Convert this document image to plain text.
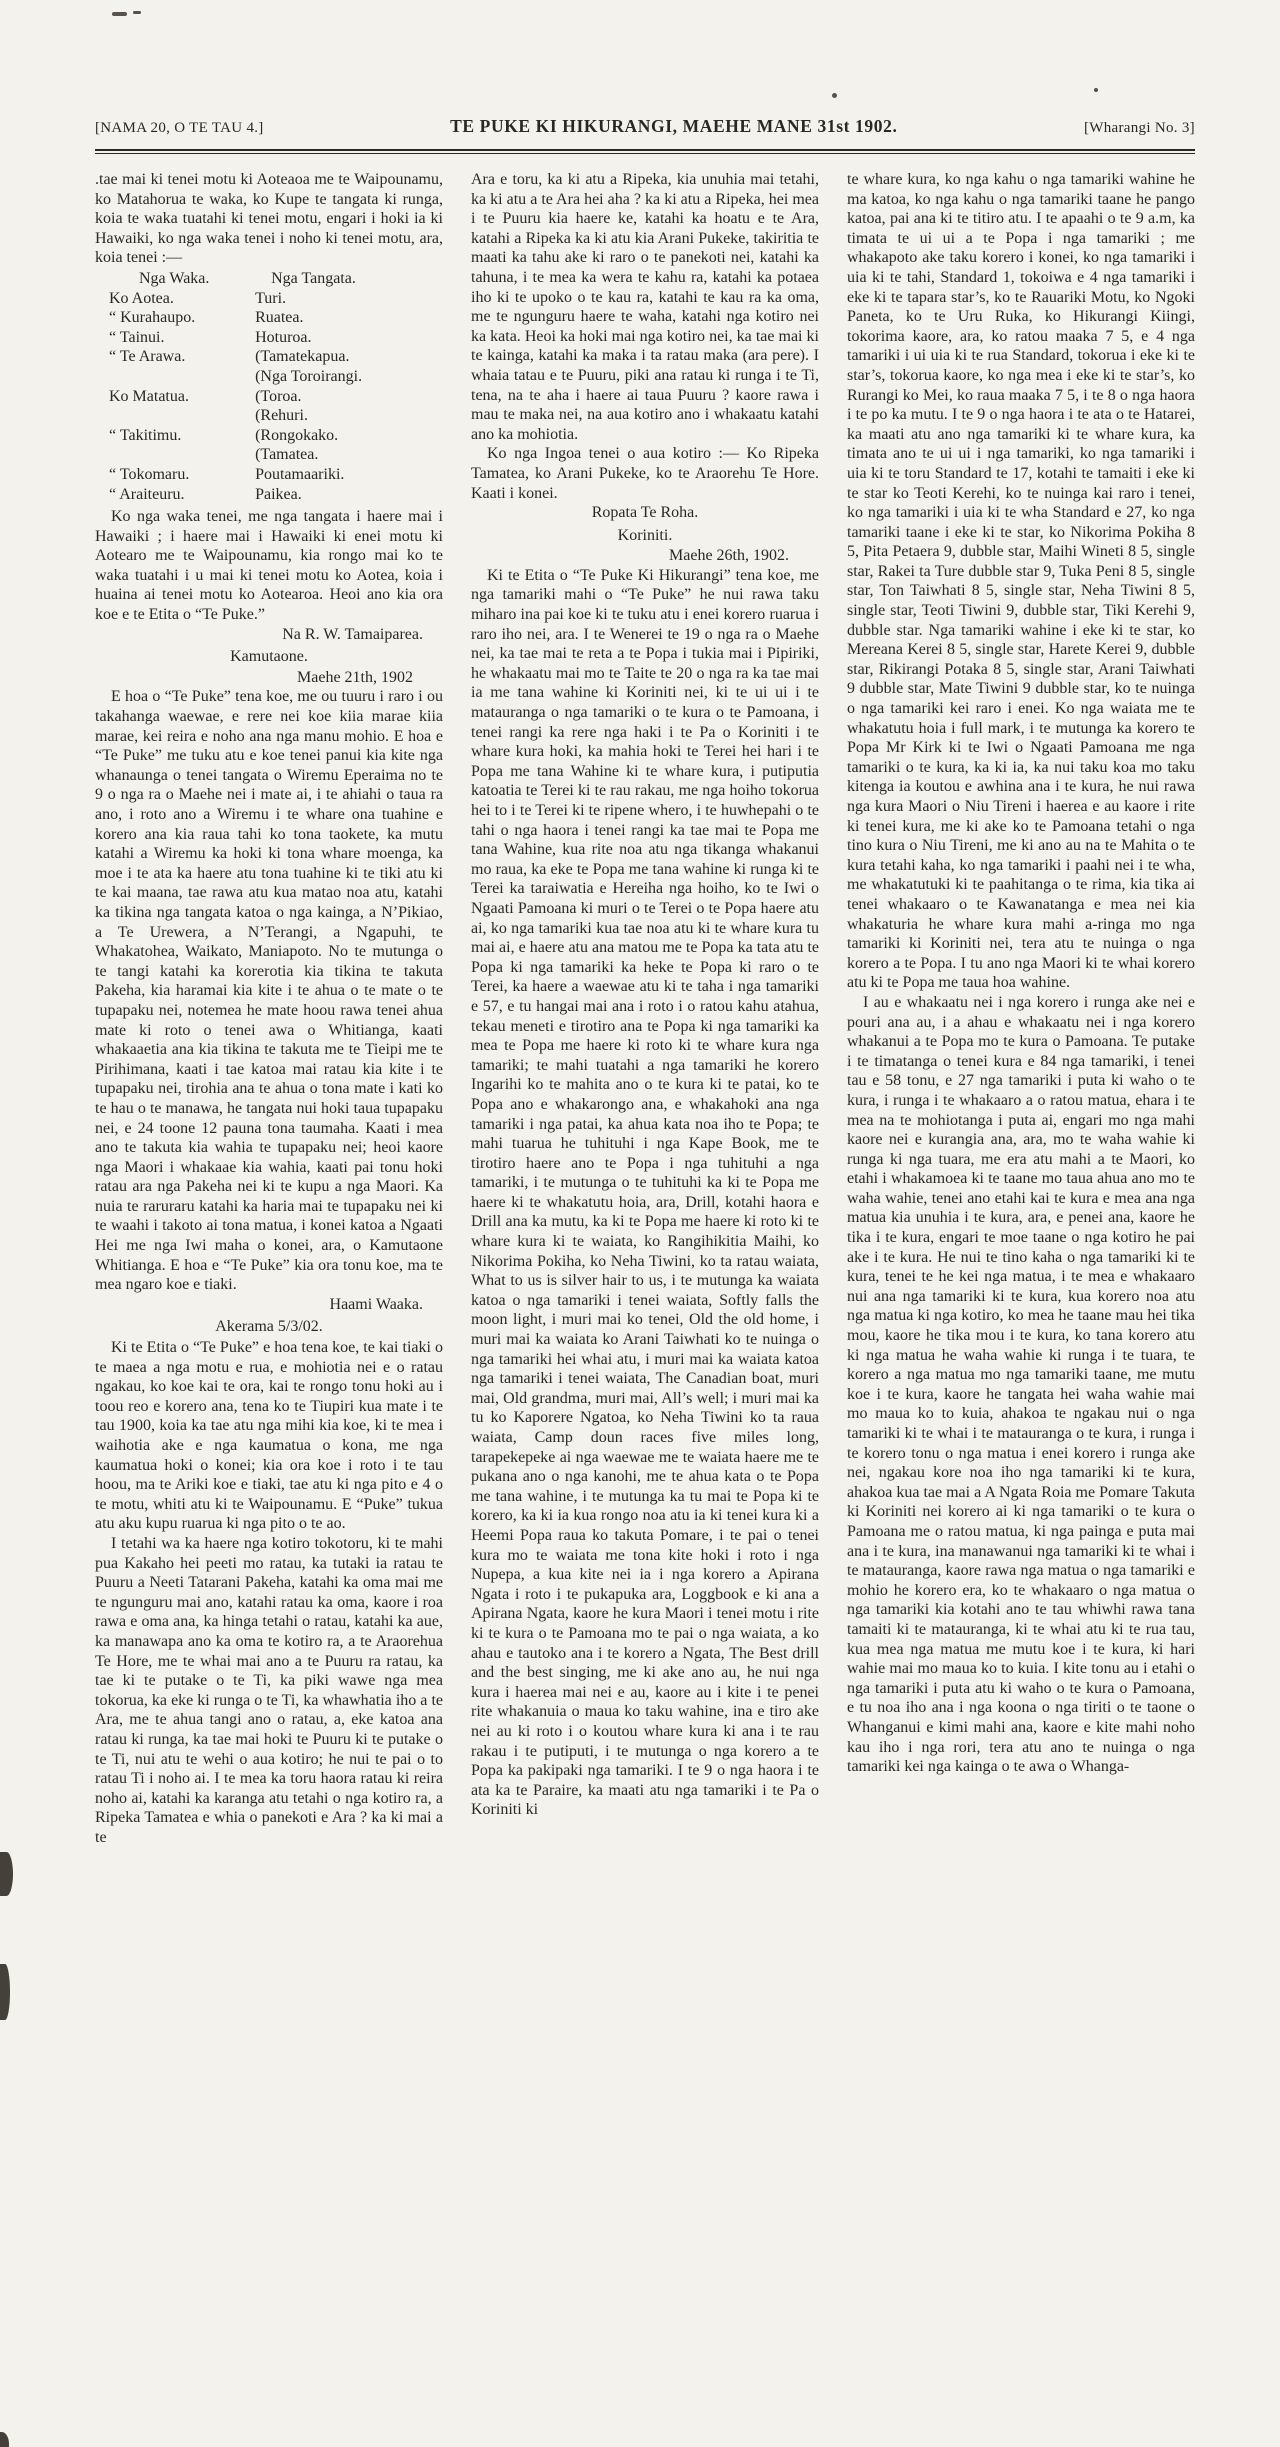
[NAMA 20, O TE TAU 4.]	TE PUKE KI HIKURANGI, MAEHE MANE 31st 1902.	[Wharangi No. 3]

.tae mai ki tenei motu ki Aoteaoa me te Waipounamu, ko Matahorua te waka, ko Kupe te tangata ki runga, koia te waka tuatahi ki tenei motu, engari i hoki ia ki Hawaiki, ko nga waka tenei i noho ki tenei motu, ara, koia tenei :—

Nga Waka.	Nga Tangata.
Ko Aotea.	Turi.
“ Kurahaupo.	Ruatea.
“ Tainui.	Hoturoa.
“ Te Arawa.	(Tamatekapua.
(Nga Toroirangi.
Ko Matatua.	(Toroa.
(Rehuri.
“ Takitimu.	(Rongokako.
(Tamatea.
“ Tokomaru.	Poutamaariki.
“ Araiteuru.	Paikea.

Ko nga waka tenei, me nga tangata i haere mai i Hawaiki ; i haere mai i Hawaiki ki enei motu ki Aotearo me te Waipounamu, kia rongo mai ko te waka tuatahi i u mai ki tenei motu ko Aotea, koia i huaina ai tenei motu ko Aotearoa. Heoi ano kia ora koe e te Etita o “Te Puke.”

Na R. W. Tamaiparea.

Kamutaone.

Maehe 21th, 1902

E hoa o “Te Puke” tena koe, me ou tuuru i raro i ou takahanga waewae, e rere nei koe kiia marae kiia marae, kei reira e noho ana nga manu mohio. E hoa e “Te Puke” me tuku atu e koe tenei panui kia kite nga whanaunga o tenei tangata o Wiremu Eperaima no te 9 o nga ra o Maehe nei i mate ai, i te ahiahi o taua ra ano, i roto ano a Wiremu i te whare ona tuahine e korero ana kia raua tahi ko tona taokete, ka mutu katahi a Wiremu ka hoki ki tona whare moenga, ka moe i te ata ka haere atu tona tuahine ki te tiki atu ki te kai maana, tae rawa atu kua matao noa atu, katahi ka tikina nga tangata katoa o nga kainga, a N’Pikiao, a Te Urewera, a N’Terangi, a Ngapuhi, te Whakatohea, Waikato, Maniapoto. No te mutunga o te tangi katahi ka korerotia kia tikina te takuta Pakeha, kia haramai kia kite i te ahua o te mate o te tupapaku nei, notemea he mate hoou rawa tenei ahua mate ki roto o tenei awa o Whitianga, kaati whakaaetia ana kia tikina te takuta me te Tieipi me te Pirihimana, kaati i tae katoa mai ratau kia kite i te tupapaku nei, tirohia ana te ahua o tona mate i kati ko te hau o te manawa, he tangata nui hoki taua tupapaku nei, e 24 toone 12 pauna tona taumaha. Kaati i mea ano te takuta kia wahia te tupapaku nei; heoi kaore nga Maori i whakaae kia wahia, kaati pai tonu hoki ratau ara nga Pakeha nei ki te kupu a nga Maori. Ka nuia te raruraru katahi ka haria mai te tupapaku nei ki te waahi i takoto ai tona matua, i konei katoa a Ngaati Hei me nga Iwi maha o konei, ara, o Kamutaone Whitianga. E hoa e “Te Puke” kia ora tonu koe, ma te mea ngaro koe e tiaki.

Haami Waaka.

Akerama 5/3/02.

Ki te Etita o “Te Puke” e hoa tena koe, te kai tiaki o te maea a nga motu e rua, e mohiotia nei e o ratau ngakau, ko koe kai te ora, kai te rongo tonu hoki au i toou reo e korero ana, tena ko te Tiupiri kua mate i te tau 1900, koia ka tae atu nga mihi kia koe, ki te mea i waihotia ake e nga kaumatua o kona, me nga kaumatua hoki o konei; kia ora koe i roto i te tau hoou, ma te Ariki koe e tiaki, tae atu ki nga pito e 4 o te motu, whiti atu ki te Waipounamu. E “Puke” tukua atu aku kupu ruarua ki nga pito o te ao.

I tetahi wa ka haere nga kotiro tokotoru, ki te mahi pua Kakaho hei peeti mo ratau, ka tutaki ia ratau te Puuru a Neeti Tatarani Pakeha, katahi ka oma mai me te ngunguru mai ano, katahi ratau ka oma, kaore i roa rawa e oma ana, ka hinga tetahi o ratau, katahi ka aue, ka manawapa ano ka oma te kotiro ra, a te Araorehua Te Hore, me te whai mai ano a te Puuru ra ratau, ka tae ki te putake o te Ti, ka piki wawe nga mea tokorua, ka eke ki runga o te Ti, ka whawhatia iho a te Ara, me te ahua tangi ano o ratau, a, eke katoa ana ratau ki runga, ka tae mai hoki te Puuru ki te putake o te Ti, nui atu te wehi o aua kotiro; he nui te pai o to ratau Ti i noho ai. I te mea ka toru haora ratau ki reira noho ai, katahi ka karanga atu tetahi o nga kotiro ra, a Ripeka Tamatea e whia o panekoti e Ara ? ka ki mai a te

Ara e toru, ka ki atu a Ripeka, kia unuhia mai tetahi, ka ki atu a te Ara hei aha ? ka ki atu a Ripeka, hei mea i te Puuru kia haere ke, katahi ka hoatu e te Ara, katahi a Ripeka ka ki atu kia Arani Pukeke, takiritia te maati ka tahu ake ki raro o te panekoti nei, katahi ka tahuna, i te mea ka wera te kahu ra, katahi ka potaea iho ki te upoko o te kau ra, katahi te kau ra ka oma, me te ngunguru haere te waha, katahi nga kotiro nei ka kata. Heoi ka hoki mai nga kotiro nei, ka tae mai ki te kainga, katahi ka maka i ta ratau maka (ara pere). I whaia tatau e te Puuru, piki ana ratau ki runga i te Ti, tena, na te aha i haere ai taua Puuru ? kaore rawa i mau te maka nei, na aua kotiro ano i whakaatu katahi ano ka mohiotia.

Ko nga Ingoa tenei o aua kotiro :— Ko Ripeka Tamatea, ko Arani Pukeke, ko te Araorehu Te Hore. Kaati i konei.

Ropata Te Roha.

Koriniti.

Maehe 26th, 1902.

Ki te Etita o “Te Puke Ki Hikurangi” tena koe, me nga tamariki mahi o “Te Puke” he nui rawa taku miharo ina pai koe ki te tuku atu i enei korero ruarua i raro iho nei, ara. I te Wenerei te 19 o nga ra o Maehe nei, ka tae mai te reta a te Popa i tukia mai i Pipiriki, he whakaatu mai mo te Taite te 20 o nga ra ka tae mai ia me tana wahine ki Koriniti nei, ki te ui ui i te matauranga o nga tamariki o te kura o te Pamoana, i tenei rangi ka rere nga haki i te Pa o Koriniti i te whare kura hoki, ka mahia hoki te Terei hei hari i te Popa me tana Wahine ki te whare kura, i putiputia katoatia te Terei ki te rau rakau, me nga hoiho tokorua hei to i te Terei ki te ripene whero, i te huwhepahi o te tahi o nga haora i tenei rangi ka tae mai te Popa me tana Wahine, kua rite noa atu nga tikanga whakanui mo raua, ka eke te Popa me tana wahine ki runga ki te Terei ka taraiwatia e Hereiha nga hoiho, ko te Iwi o Ngaati Pamoana ki muri o te Terei o te Popa haere atu ai, ko nga tamariki kua tae noa atu ki te whare kura tu mai ai, e haere atu ana matou me te Popa ka tata atu te Popa ki nga tamariki ka heke te Popa ki raro o te Terei, ka haere a waewae atu ki te taha i nga tamariki e 57, e tu hangai mai ana i roto i o ratou kahu atahua, tekau meneti e tirotiro ana te Popa ki nga tamariki ka mea te Popa me haere ki roto ki te whare kura nga tamariki; te mahi tuatahi a nga tamariki he korero Ingarihi ko te mahita ano o te kura ki te patai, ko te Popa ano e whakarongo ana, e whakahoki ana nga tamariki i nga patai, ka ahua kata noa iho te Popa; te mahi tuarua he tuhituhi i nga Kape Book, me te tirotiro haere ano te Popa i nga tuhituhi a nga tamariki, i te mutunga o te tuhituhi ka ki te Popa me haere ki te whakatutu hoia, ara, Drill, kotahi haora e Drill ana ka mutu, ka ki te Popa me haere ki roto ki te whare kura ki te waiata, ko Rangihikitia Maihi, ko Nikorima Pokiha, ko Neha Tiwini, ko ta ratau waiata, What to us is silver hair to us, i te mutunga ka waiata katoa o nga tamariki i tenei waiata, Softly falls the moon light, i muri mai ko tenei, Old the old home, i muri mai ka waiata ko Arani Taiwhati ko te nuinga o nga tamariki hei whai atu, i muri mai ka waiata katoa nga tamariki i tenei waiata, The Canadian boat, muri mai, Old grandma, muri mai, All’s well; i muri mai ka tu ko Kaporere Ngatoa, ko Neha Tiwini ko ta raua waiata, Camp doun races five miles long, tarapekepeke ai nga waewae me te waiata haere me te pukana ano o nga kanohi, me te ahua kata o te Popa me tana wahine, i te mutunga ka tu mai te Popa ki te korero, ka ki ia kua rongo noa atu ia ki tenei kura ki a Heemi Popa raua ko takuta Pomare, i te pai o tenei kura mo te waiata me tona kite hoki i roto i nga Nupepa, a kua kite nei ia i nga korero a Apirana Ngata i roto i te pukapuka ara, Loggbook e ki ana a Apirana Ngata, kaore he kura Maori i tenei motu i rite ki te kura o te Pamoana mo te pai o nga waiata, a ko ahau e tautoko ana i te korero a Ngata, The Best drill and the best singing, me ki ake ano au, he nui nga kura i haerea mai nei e au, kaore au i kite i te penei rite whakanuia o maua ko taku wahine, ina e tiro ake nei au ki roto i o koutou whare kura ki ana i te rau rakau i te putiputi, i te mutunga o nga korero a te Popa ka pakipaki nga tamariki. I te 9 o nga haora i te ata ka te Paraire, ka maati atu nga tamariki i te Pa o Koriniti ki

te whare kura, ko nga kahu o nga tamariki wahine he ma katoa, ko nga kahu o nga tamariki taane he pango katoa, pai ana ki te titiro atu. I te apaahi o te 9 a.m, ka timata te ui ui a te Popa i nga tamariki ; me whakapoto ake taku korero i konei, ko nga tamariki i uia ki te tahi, Standard 1, tokoiwa e 4 nga tamariki i eke ki te tapara star’s, ko te Rauariki Motu, ko Ngoki Paneta, ko te Uru Ruka, ko Hikurangi Kiingi, tokorima kaore, ara, ko ratou maaka 7 5, e 4 nga tamariki i ui uia ki te rua Standard, tokorua i eke ki te star’s, tokorua kaore, ko nga mea i eke ki te star’s, ko Rurangi ko Mei, ko raua maaka 7 5, i te 8 o nga haora i te po ka mutu. I te 9 o nga haora i te ata o te Hatarei, ka maati atu ano nga tamariki ki te whare kura, ka timata ano te ui ui i nga tamariki, ko nga tamariki i uia ki te toru Standard te 17, kotahi te tamaiti i eke ki te star ko Teoti Kerehi, ko te nuinga kai raro i tenei, ko nga tamariki i uia ki te wha Standard e 27, ko nga tamariki taane i eke ki te star, ko Nikorima Pokiha 8 5, Pita Petaera 9, dubble star, Maihi Wineti 8 5, single star, Rakei ta Ture dubble star 9, Tuka Peni 8 5, single star, Ton Taiwhati 8 5, single star, Neha Tiwini 8 5, single star, Teoti Tiwini 9, dubble star, Tiki Kerehi 9, dubble star. Nga tamariki wahine i eke ki te star, ko Mereana Kerei 8 5, single star, Harete Kerei 9, dubble star, Rikirangi Potaka 8 5, single star, Arani Taiwhati 9 dubble star, Mate Tiwini 9 dubble star, ko te nuinga o nga tamariki kei raro i enei. Ko nga waiata me te whakatutu hoia i full mark, i te mutunga ka korero te Popa Mr Kirk ki te Iwi o Ngaati Pamoana me nga tamariki o te kura, ka ki ia, ka nui taku koa mo taku kitenga ia koutou e awhina ana i te kura, he nui rawa nga kura Maori o Niu Tireni i haerea e au kaore i rite ki tenei kura, me ki ake ko te Pamoana tetahi o nga tino kura o Niu Tireni, me ki ano au na te Mahita o te kura tetahi kaha, ko nga tamariki i paahi nei i te wha, me whakatutuki ki te paahitanga o te rima, kia tika ai tenei whakaaro o te Kawanatanga e mea nei kia whakaturia he whare kura mahi a-ringa mo nga tamariki ki Koriniti nei, tera atu te nuinga o nga korero a te Popa. I tu ano nga Maori ki te whai korero atu ki te Popa me taua hoa wahine.

I au e whakaatu nei i nga korero i runga ake nei e pouri ana au, i a ahau e whakaatu nei i nga korero whakanui a te Popa mo te kura o Pamoana. Te putake i te timatanga o tenei kura e 84 nga tamariki, i tenei tau e 58 tonu, e 27 nga tamariki i puta ki waho o te kura, i runga i te whakaaro a o ratou matua, ehara i te mea na te mohiotanga i puta ai, engari mo nga mahi kaore nei e kurangia ana, ara, mo te waha wahie ki runga ki nga tuara, me era atu mahi a te Maori, ko etahi i whakamoea ki te taane mo taua ahua ano mo te waha wahie, tenei ano etahi kai te kura e mea ana nga matua kia unuhia i te kura, ara, e penei ana, kaore he tika i te kura, engari te moe taane o nga kotiro he pai ake i te kura. He nui te tino kaha o nga tamariki ki te kura, tenei te he kei nga matua, i te mea e whakaaro nui ana nga tamariki ki te kura, kua korero noa atu nga matua ki nga kotiro, ko mea he taane mau hei tika mou, kaore he tika mou i te kura, ko tana korero atu ki nga matua he waha wahie ki runga i te tuara, te korero a nga matua mo nga tamariki taane, me mutu koe i te kura, kaore he tangata hei waha wahie mai mo maua ko to kuia, ahakoa te ngakau nui o nga tamariki ki te whai i te matauranga o te kura, i runga i te korero tonu o nga matua i enei korero i runga ake nei, ngakau kore noa iho nga tamariki ki te kura, ahakoa kua tae mai a A Ngata Roia me Pomare Takuta ki Koriniti nei korero ai ki nga tamariki o te kura o Pamoana me o ratou matua, ki nga painga e puta mai ana i te kura, ina manawanui nga tamariki ki te whai i te matauranga, kaore rawa nga matua o nga tamariki e mohio he korero era, ko te whakaaro o nga matua o nga tamariki kia kotahi ano te tau whiwhi rawa tana tamaiti ki te matauranga, ki te whai atu ki te rua tau, kua mea nga matua me mutu koe i te kura, ki hari wahie mai mo maua ko to kuia. I kite tonu au i etahi o nga tamariki i puta atu ki waho o te kura o Pamoana, e tu noa iho ana i nga koona o nga tiriti o te taone o Whanganui e kimi mahi ana, kaore e kite mahi noho kau iho i nga rori, tera atu ano te nuinga o nga tamariki kei nga kainga o te awa o Whanga-
